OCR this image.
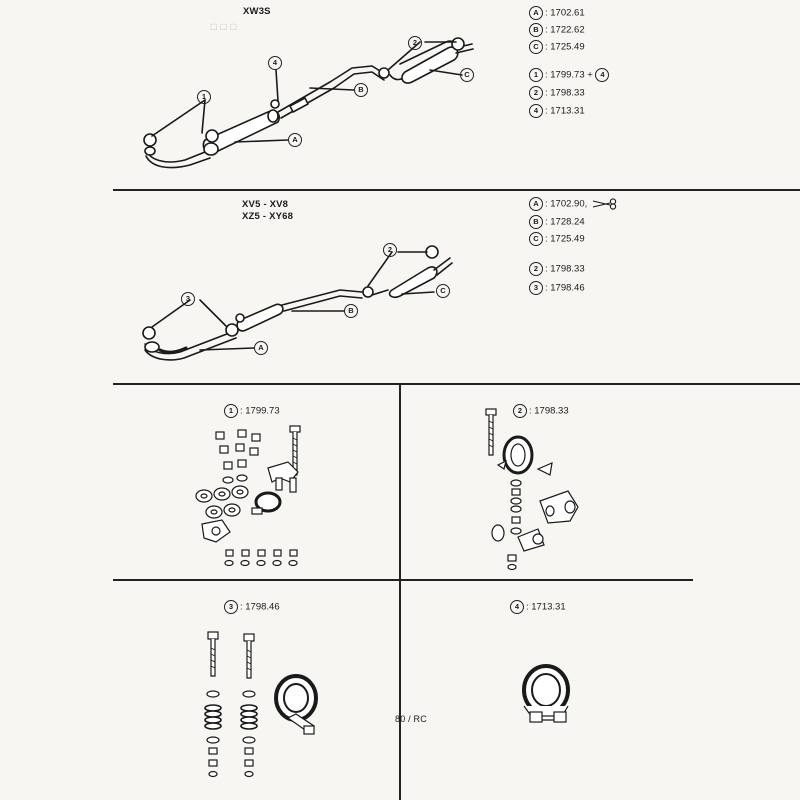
▢ ▢ ▢
XW3S	A : 1702.61
B : 1722.62
C : 1725.49
1 : 1799.73 + 4
2 : 1798.33
4 : 1713.31
1
4
B
2
C
A
XV5 - XV8
XZ5 - XY68
A : 1702.90,
B : 1728.24
C : 1725.49
2 : 1798.33
3 : 1798.46
2
3
B
C
A
1 : 1799.73	2 : 1798.33
3 : 1798.46	4 : 1713.31
80 / RC
